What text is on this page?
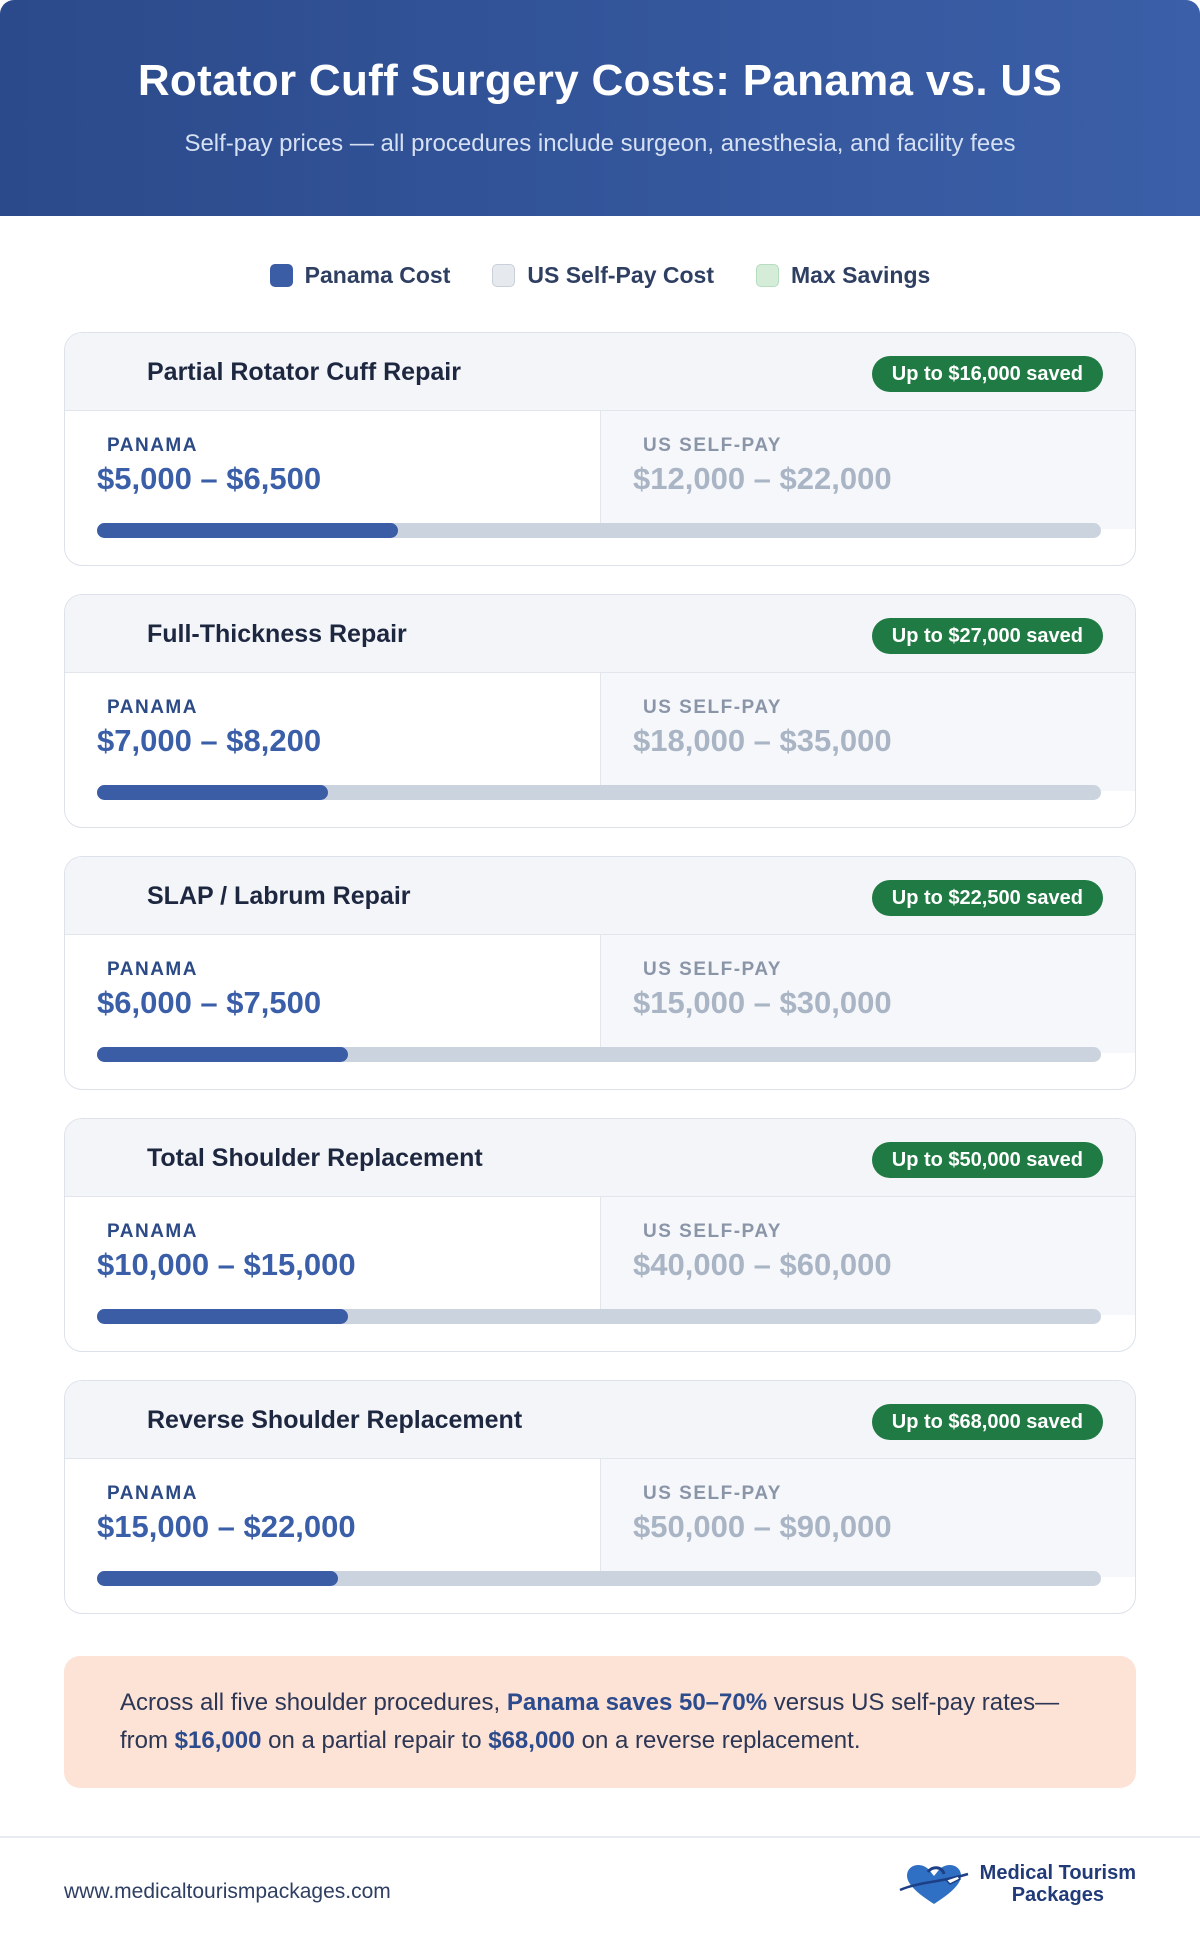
Rotator Cuff Surgery Costs: Panama vs. US

Self-pay prices — all procedures include surgeon, anesthesia, and facility fees

Panama Cost	US Self-Pay Cost	Max Savings
Partial Rotator Cuff Repair	Up to $16,000 saved
PANAMA
$5,000 – $6,500
US SELF-PAY
$12,000 – $22,000
Full-Thickness Repair	Up to $27,000 saved
PANAMA
$7,000 – $8,200
US SELF-PAY
$18,000 – $35,000
SLAP / Labrum Repair	Up to $22,500 saved
PANAMA
$6,000 – $7,500
US SELF-PAY
$15,000 – $30,000
Total Shoulder Replacement	Up to $50,000 saved
PANAMA
$10,000 – $15,000
US SELF-PAY
$40,000 – $60,000
Reverse Shoulder Replacement	Up to $68,000 saved
PANAMA
$15,000 – $22,000
US SELF-PAY
$50,000 – $90,000
Across all five shoulder procedures, Panama saves 50–70% versus US self-pay rates—from $16,000 on a partial repair to $68,000 on a reverse replacement.
www.medicaltourismpackages.com
Medical Tourism
Packages
